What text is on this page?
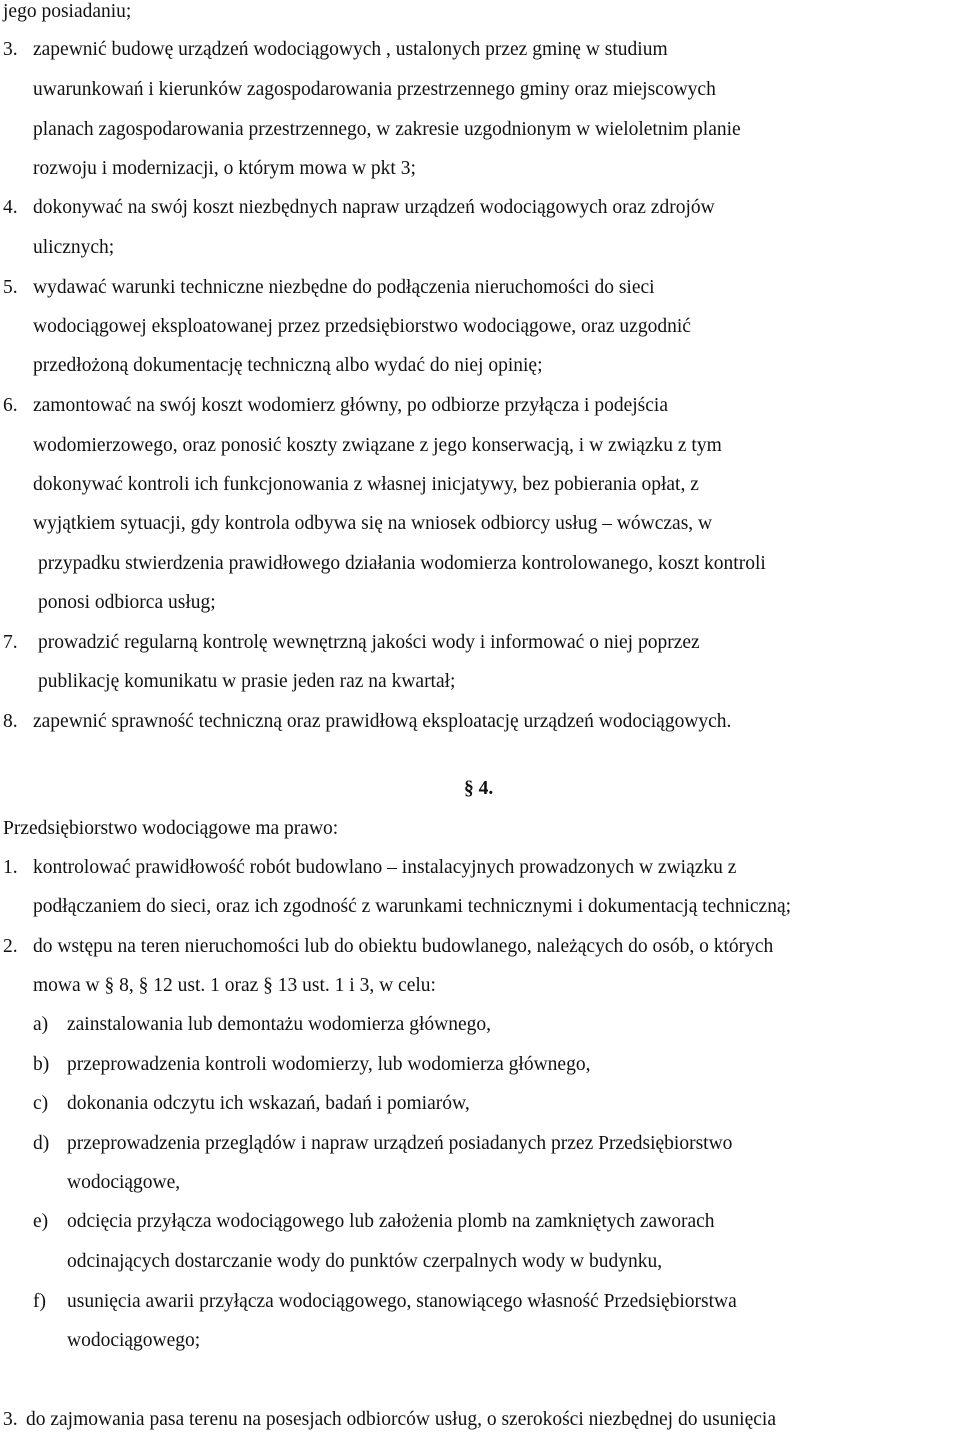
jego posiadaniu;
3. zapewnić budowę urządzeń wodociągowych , ustalonych przez gminę w studium
uwarunkowań i kierunków zagospodarowania przestrzennego gminy oraz miejscowych
planach zagospodarowania przestrzennego, w zakresie uzgodnionym w wieloletnim planie
rozwoju i modernizacji, o którym mowa w pkt 3;
4. dokonywać na swój koszt niezbędnych napraw urządzeń wodociągowych oraz zdrojów
ulicznych;
5. wydawać warunki techniczne niezbędne do podłączenia nieruchomości do sieci
wodociągowej eksploatowanej przez przedsiębiorstwo wodociągowe, oraz uzgodnić
przedłożoną dokumentację techniczną albo wydać do niej opinię;
6. zamontować na swój koszt wodomierz główny, po odbiorze przyłącza i podejścia
wodomierzowego, oraz ponosić koszty związane z jego konserwacją, i w związku z tym
dokonywać kontroli ich funkcjonowania z własnej inicjatywy, bez pobierania opłat, z
wyjątkiem sytuacji, gdy kontrola odbywa się na wniosek odbiorcy usług – wówczas, w
przypadku stwierdzenia prawidłowego działania wodomierza kontrolowanego, koszt kontroli
ponosi odbiorca usług;
7. prowadzić regularną kontrolę wewnętrzną jakości wody i informować o niej poprzez
publikację komunikatu w prasie jeden raz na kwartał;
8. zapewnić sprawność techniczną oraz prawidłową eksploatację urządzeń wodociągowych.
§ 4.
Przedsiębiorstwo wodociągowe ma prawo:
1. kontrolować prawidłowość robót budowlano – instalacyjnych prowadzonych w związku z
podłączaniem do sieci, oraz ich zgodność z warunkami technicznymi i dokumentacją techniczną;
2. do wstępu na teren nieruchomości lub do obiektu budowlanego, należących do osób, o których
mowa w § 8, § 12 ust. 1 oraz § 13 ust. 1 i 3, w celu:
a) zainstalowania lub demontażu wodomierza głównego,
b) przeprowadzenia kontroli wodomierzy, lub wodomierza głównego,
c) dokonania odczytu ich wskazań, badań i pomiarów,
d) przeprowadzenia przeglądów i napraw urządzeń posiadanych przez Przedsiębiorstwo
wodociągowe,
e) odcięcia przyłącza wodociągowego lub założenia plomb na zamkniętych zaworach
odcinających dostarczanie wody do punktów czerpalnych wody w budynku,
f) usunięcia awarii przyłącza wodociągowego, stanowiącego własność Przedsiębiorstwa
wodociągowego;
3. do zajmowania pasa terenu na posesjach odbiorców usług, o szerokości niezbędnej do usunięcia
